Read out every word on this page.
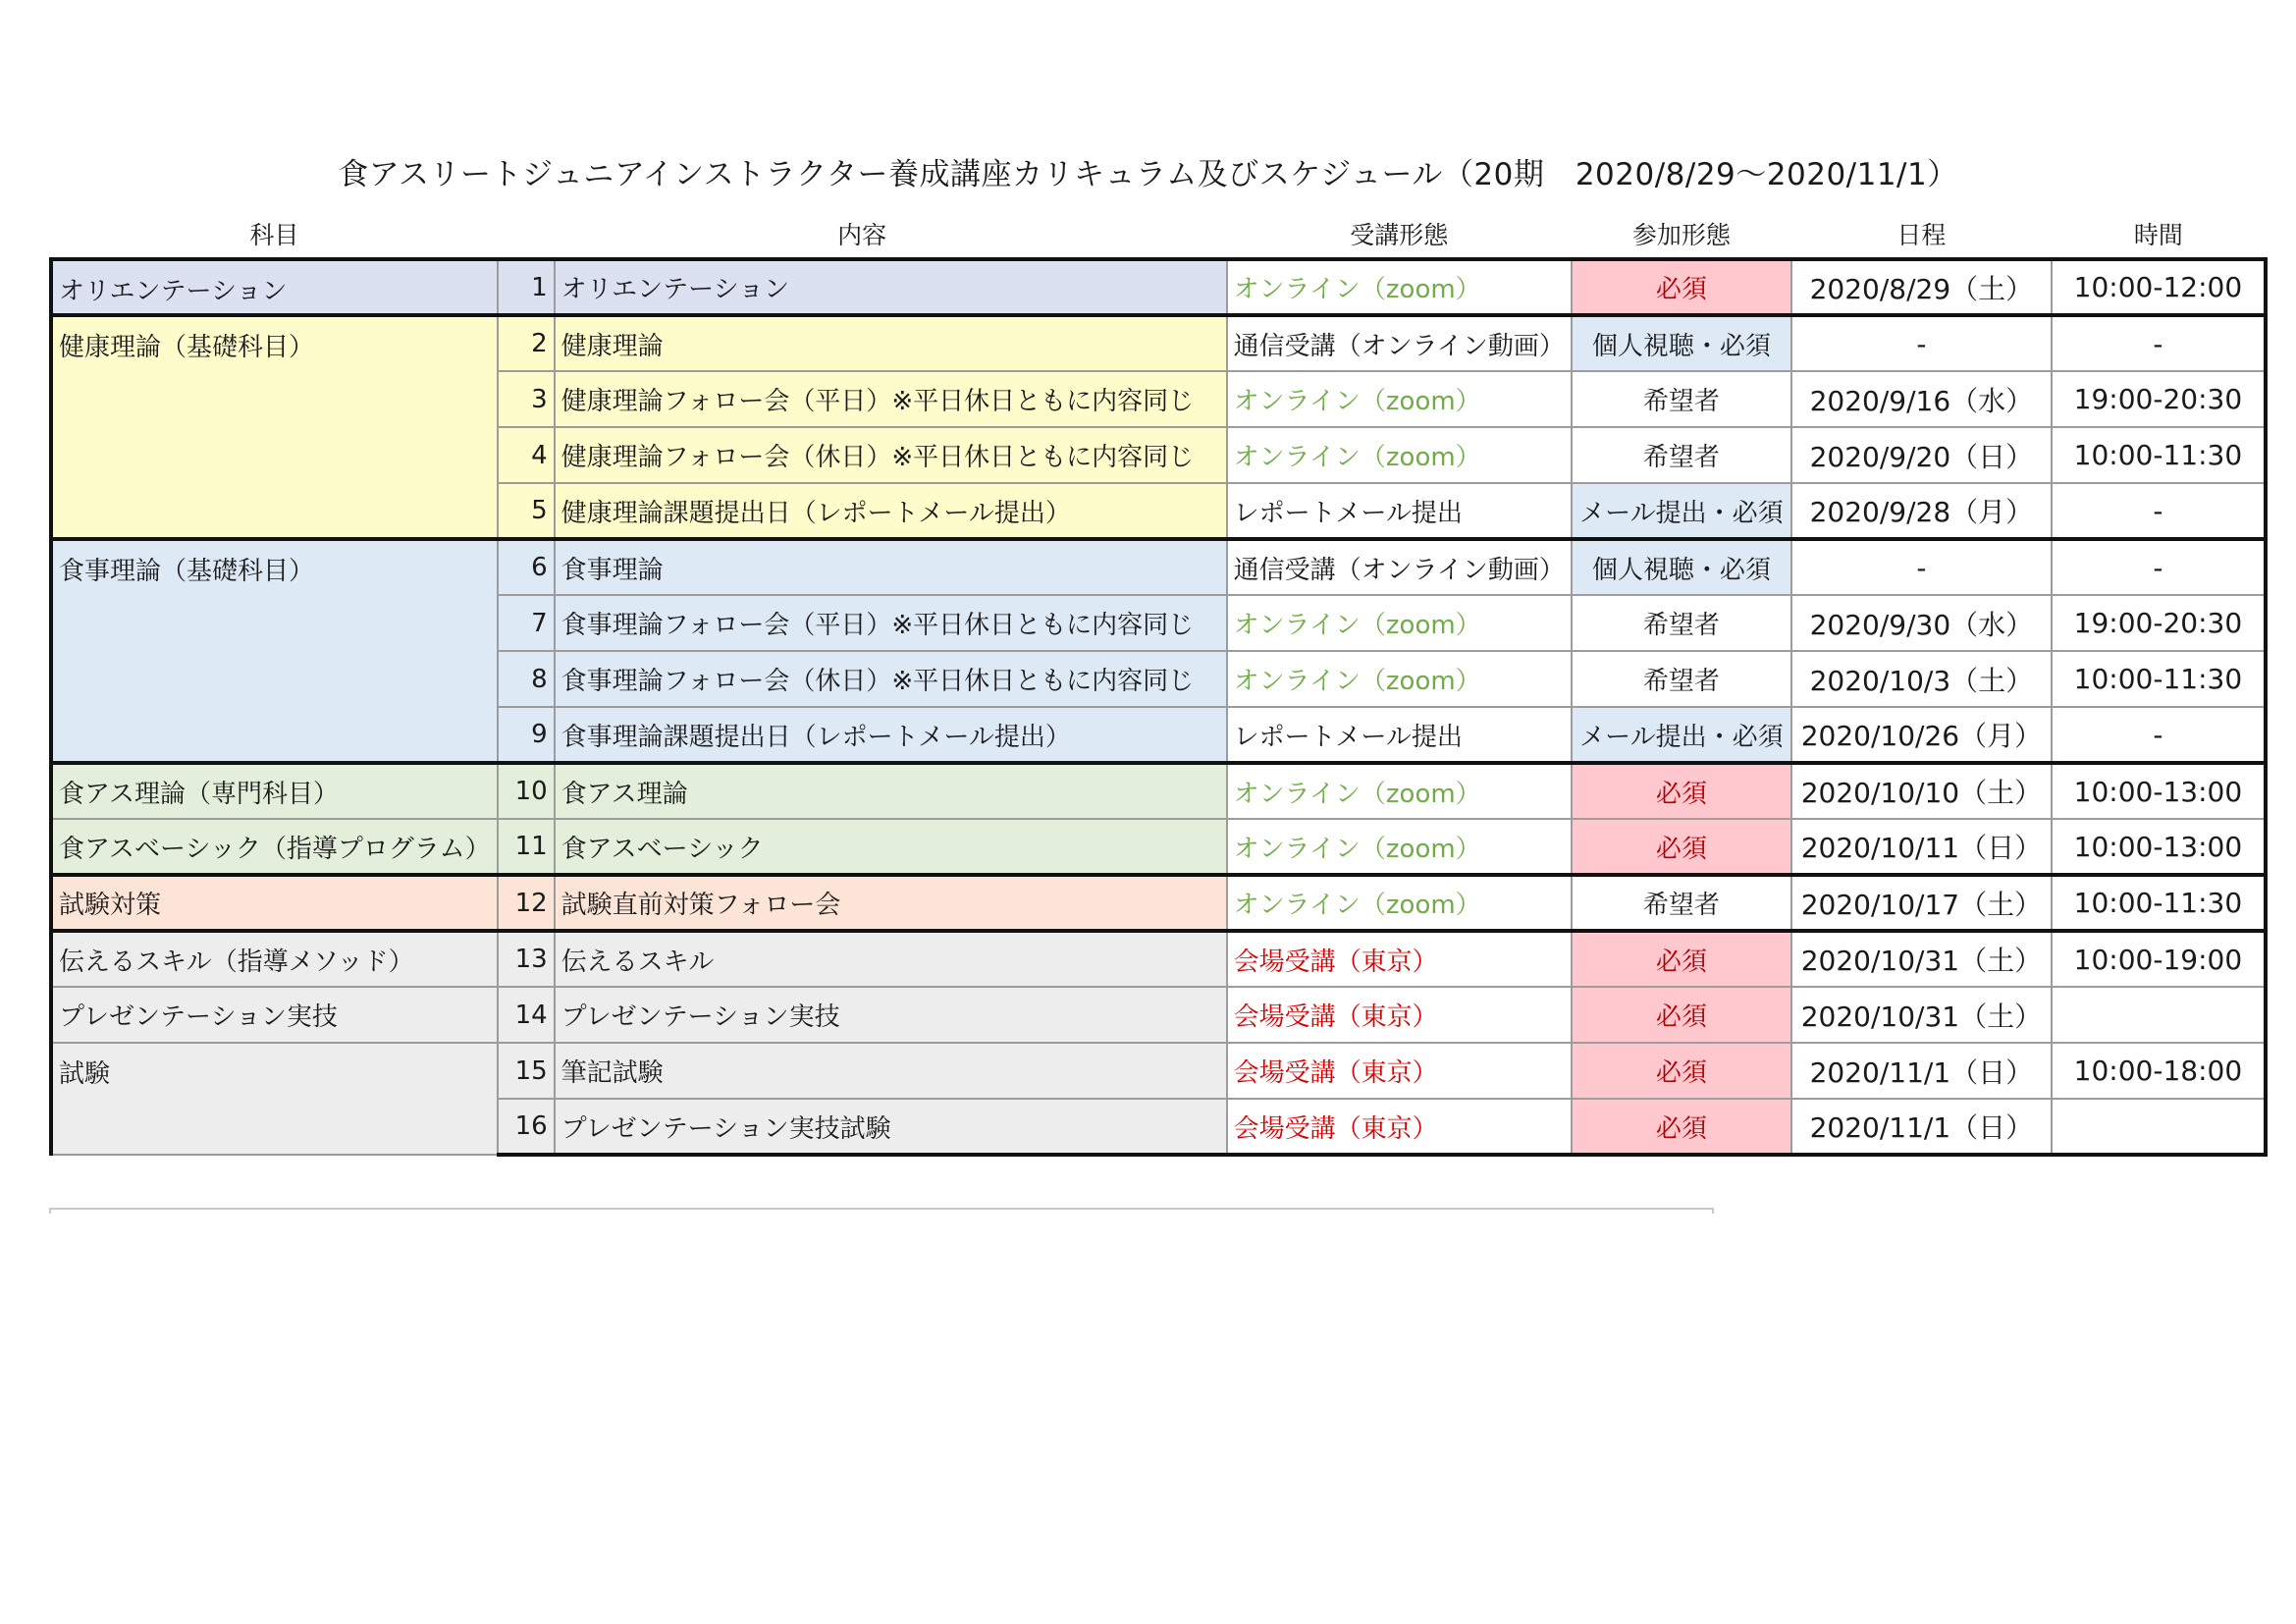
食アスリートジュニアインストラクター養成講座カリキュラム及びスケジュール（20期　2020/8/29～2020/11/1）
科目	内容		受講形態	参加形態	日程	時間
オリエンテーション	1	オリエンテーション	オンライン（zoom）	必須	2020/8/29（土）	10:00-12:00
健康理論（基礎科目）	2	健康理論	通信受講（オンライン動画）	個人視聴・必須	-	-
	3	健康理論フォロー会（平日）※平日休日ともに内容同じ	オンライン（zoom）	希望者	2020/9/16（水）	19:00-20:30
	4	健康理論フォロー会（休日）※平日休日ともに内容同じ	オンライン（zoom）	希望者	2020/9/20（日）	10:00-11:30
	5	健康理論課題提出日（レポートメール提出）	レポートメール提出	メール提出・必須	2020/9/28（月）	-
食事理論（基礎科目）	6	食事理論	通信受講（オンライン動画）	個人視聴・必須	-	-
	7	食事理論フォロー会（平日）※平日休日ともに内容同じ	オンライン（zoom）	希望者	2020/9/30（水）	19:00-20:30
	8	食事理論フォロー会（休日）※平日休日ともに内容同じ	オンライン（zoom）	希望者	2020/10/3（土）	10:00-11:30
	9	食事理論課題提出日（レポートメール提出）	レポートメール提出	メール提出・必須	2020/10/26（月）	-
食アス理論（専門科目）	10	食アス理論	オンライン（zoom）	必須	2020/10/10（土）	10:00-13:00
食アスベーシック（指導プログラム）	11	食アスベーシック	オンライン（zoom）	必須	2020/10/11（日）	10:00-13:00
試験対策	12	試験直前対策フォロー会	オンライン（zoom）	希望者	2020/10/17（土）	10:00-11:30
伝えるスキル（指導メソッド）	13	伝えるスキル	会場受講（東京）	必須	2020/10/31（土）	10:00-19:00
プレゼンテーション実技	14	プレゼンテーション実技	会場受講（東京）	必須	2020/10/31（土）	
試験	15	筆記試験	会場受講（東京）	必須	2020/11/1（日）	10:00-18:00
	16	プレゼンテーション実技試験	会場受講（東京）	必須	2020/11/1（日）	
